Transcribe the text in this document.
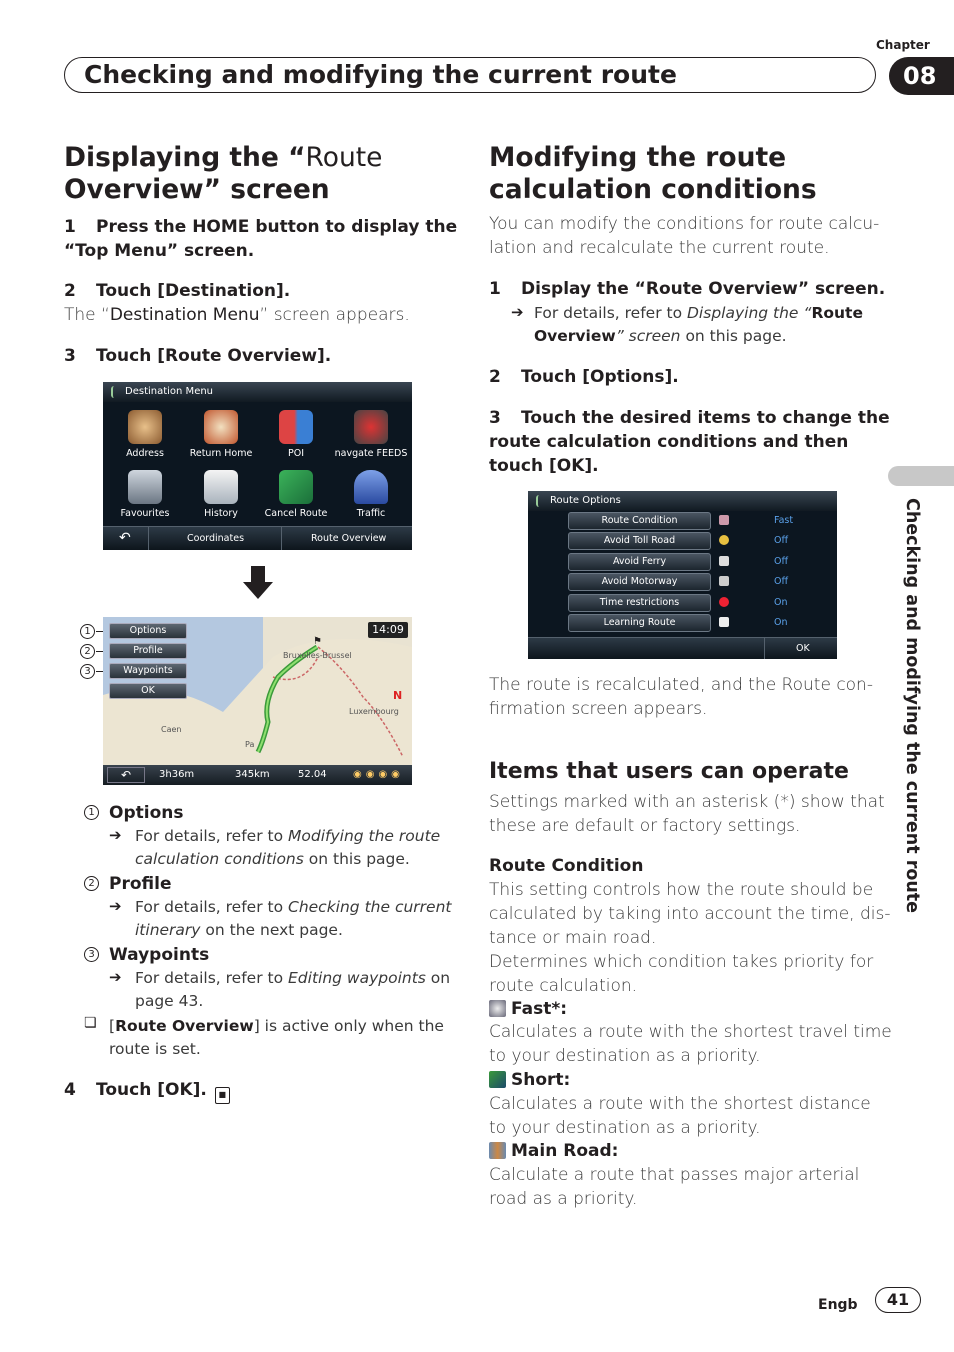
Chapter
Checking and modifying the current route	08
Checking and modifying the current route
Displaying the “Route
Overview” screen
1 Press the HOME button to display the
“Top Menu” screen.
2 Touch [Destination].
The “Destination Menu” screen appears.
3 Touch [Route Overview].
Destination Menu
Address	Return Home	POI	navgate FEEDS
Favourites	History	Cancel Route	Traffic
↶	Coordinates	Route Overview
1
2
3
Options
Profile
Waypoints
OK
14:09
Bruxelles-Brussel
Luxembourg
Caen
Pa
⚑
N
↶	3h36m	345km	52.04	◉◉◉◉
1 Options
➔ For details, refer to Modifying the route
calculation conditions on this page.
2 Profile
➔ For details, refer to Checking the current
itinerary on the next page.
3 Waypoints
➔ For details, refer to Editing waypoints on
page 43.
❏ [Route Overview] is active only when the
route is set.
4 Touch [OK]. ■
Modifying the route
calculation conditions
You can modify the conditions for route calcu-
lation and recalculate the current route.
1 Display the “Route Overview” screen.
➔ For details, refer to Displaying the “Route
Overview” screen on this page.
2 Touch [Options].
3 Touch the desired items to change the
route calculation conditions and then
touch [OK].
Route Options
Route Condition	Fast
Avoid Toll Road	Off
Avoid Ferry	Off
Avoid Motorway	Off
Time restrictions	On
Learning Route	On
OK
The route is recalculated, and the Route con-
firmation screen appears.
Items that users can operate
Settings marked with an asterisk (*) show that
these are default or factory settings.
Route Condition
This setting controls how the route should be
calculated by taking into account the time, dis-
tance or main road.
Determines which condition takes priority for
route calculation.
Fast*:
Calculates a route with the shortest travel time
to your destination as a priority.
Short:
Calculates a route with the shortest distance
to your destination as a priority.
Main Road:
Calculate a route that passes major arterial
road as a priority.
Engb	41
